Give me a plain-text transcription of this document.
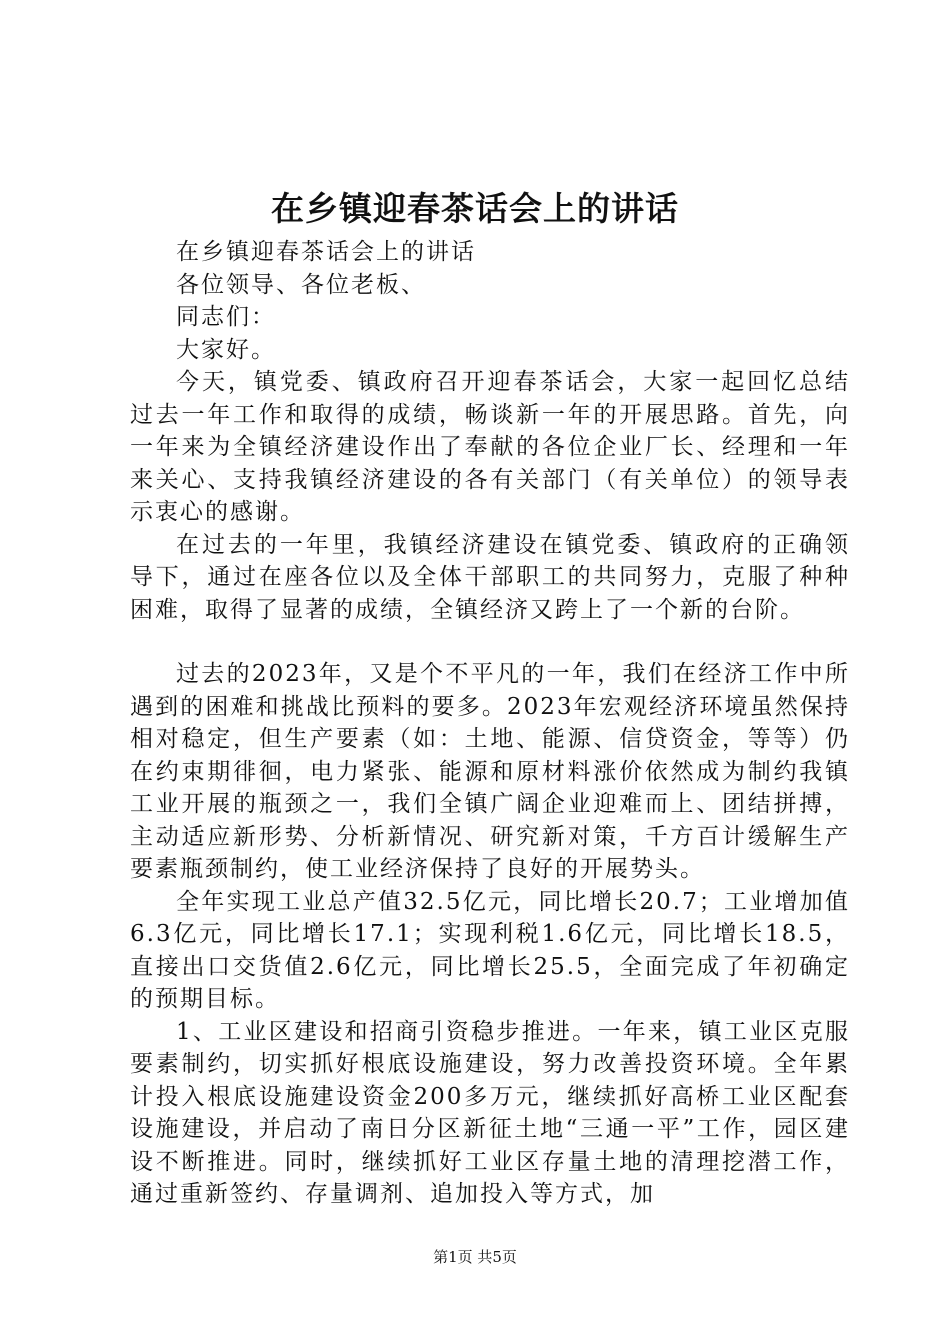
在乡镇迎春茶话会上的讲话

在乡镇迎春茶话会上的讲话

各位领导、各位老板、

同志们：

大家好。

今天，镇党委、镇政府召开迎春茶话会，大家一起回忆总结过去一年工作和取得的成绩，畅谈新一年的开展思路。首先，向一年来为全镇经济建设作出了奉献的各位企业厂长、经理和一年来关心、支持我镇经济建设的各有关部门（有关单位）的领导表示衷心的感谢。

在过去的一年里，我镇经济建设在镇党委、镇政府的正确领导下，通过在座各位以及全体干部职工的共同努力，克服了种种困难，取得了显著的成绩，全镇经济又跨上了一个新的台阶。

过去的2023年，又是个不平凡的一年，我们在经济工作中所遇到的困难和挑战比预料的要多。2023年宏观经济环境虽然保持相对稳定，但生产要素（如：土地、能源、信贷资金，等等）仍在约束期徘徊，电力紧张、能源和原材料涨价依然成为制约我镇工业开展的瓶颈之一，我们全镇广阔企业迎难而上、团结拼搏，主动适应新形势、分析新情况、研究新对策，千方百计缓解生产要素瓶颈制约，使工业经济保持了良好的开展势头。

全年实现工业总产值32.5亿元，同比增长20.7；工业增加值6.3亿元，同比增长17.1；实现利税1.6亿元，同比增长18.5，直接出口交货值2.6亿元，同比增长25.5，全面完成了年初确定的预期目标。

1、工业区建设和招商引资稳步推进。一年来，镇工业区克服要素制约，切实抓好根底设施建设，努力改善投资环境。全年累计投入根底设施建设资金200多万元，继续抓好高桥工业区配套设施建设，并启动了南日分区新征土地“三通一平”工作，园区建设不断推进。同时，继续抓好工业区存量土地的清理挖潜工作，通过重新签约、存量调剂、追加投入等方式，加

第1页 共5页
